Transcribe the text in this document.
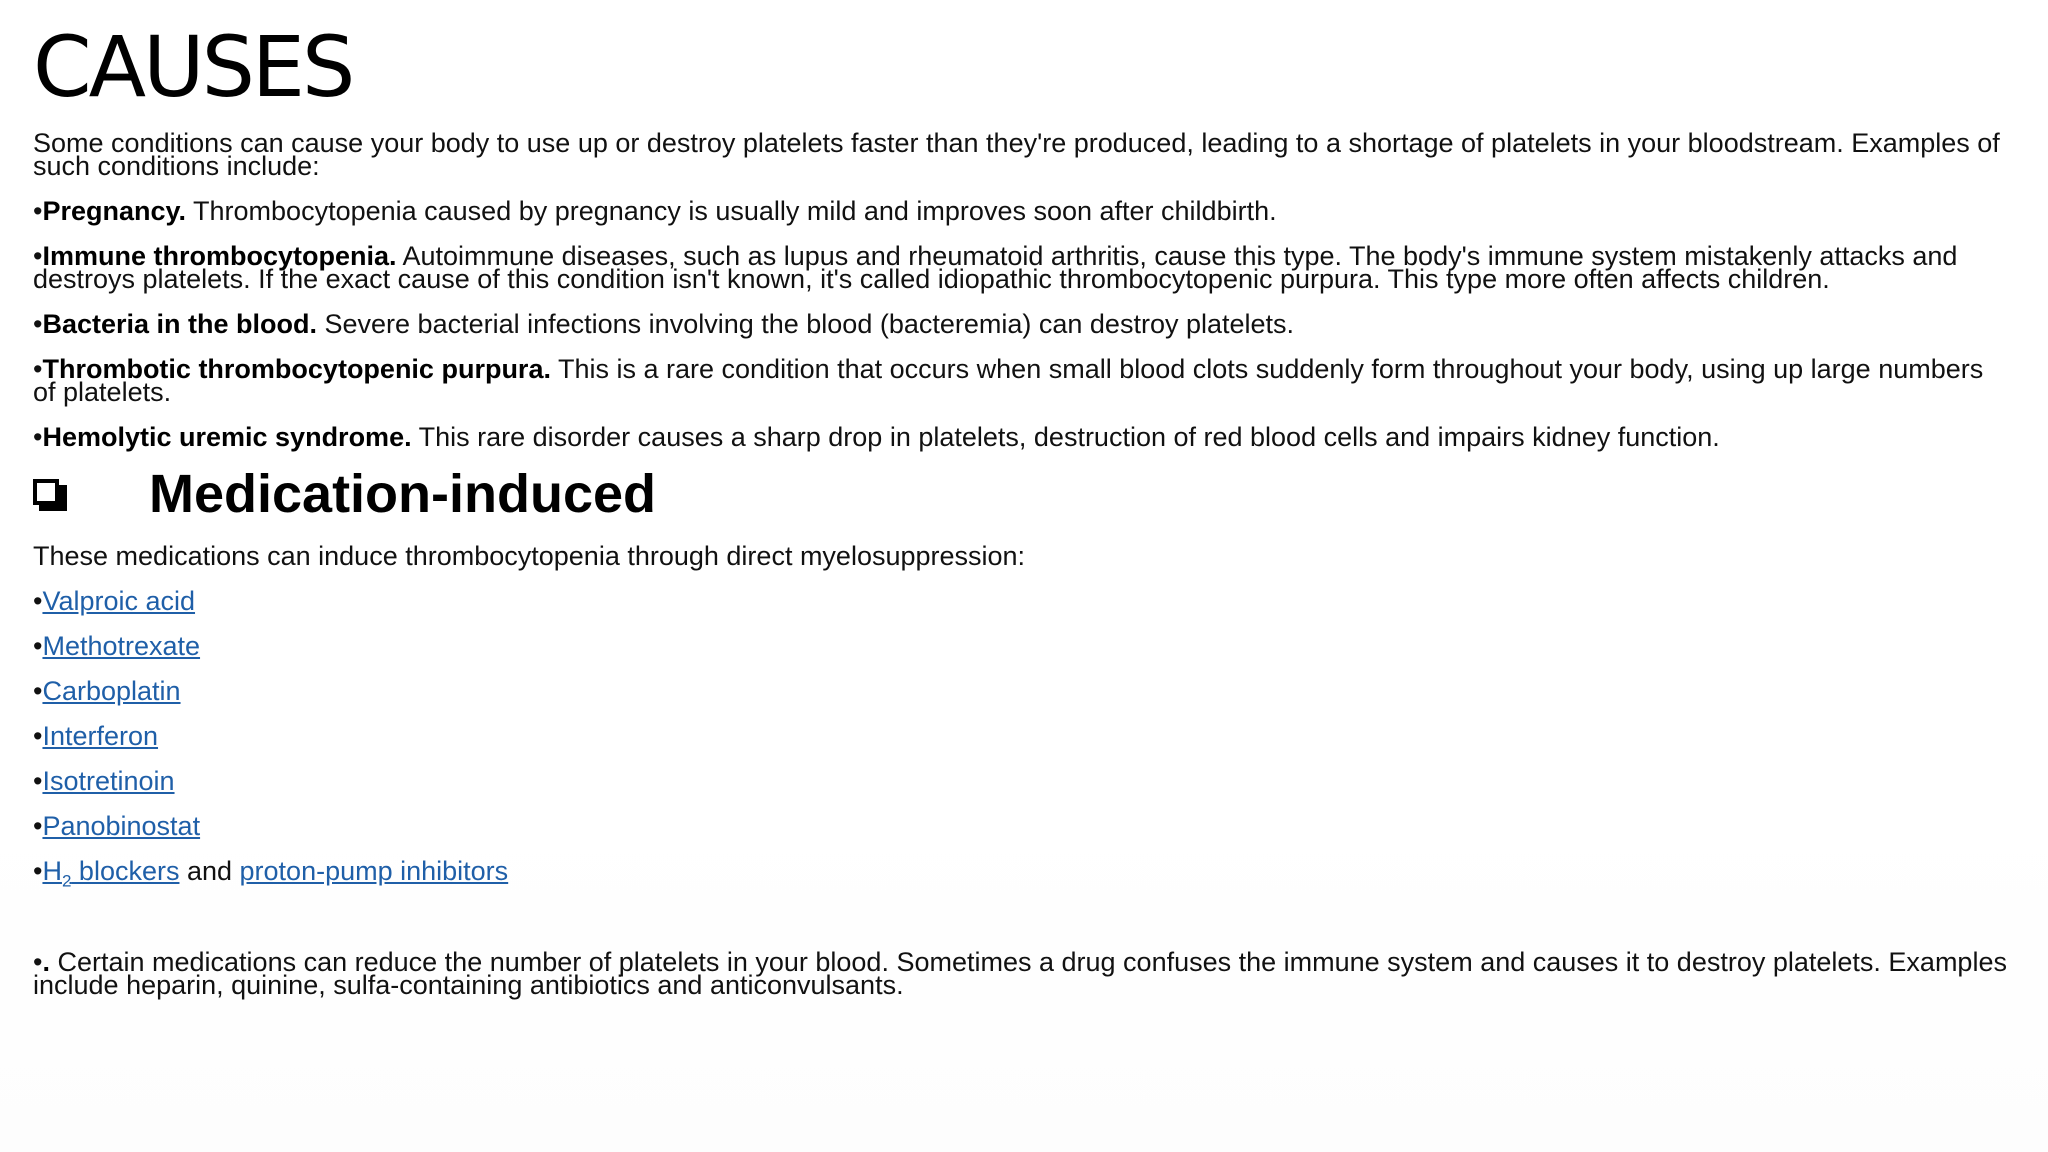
CAUSES

Some conditions can cause your body to use up or destroy platelets faster than they're produced, leading to a shortage of platelets in your bloodstream. Examples of such conditions include:

•Pregnancy. Thrombocytopenia caused by pregnancy is usually mild and improves soon after childbirth.

•Immune thrombocytopenia. Autoimmune diseases, such as lupus and rheumatoid arthritis, cause this type. The body's immune system mistakenly attacks and destroys platelets. If the exact cause of this condition isn't known, it's called idiopathic thrombocytopenic purpura. This type more often affects children.

•Bacteria in the blood. Severe bacterial infections involving the blood (bacteremia) can destroy platelets.

•Thrombotic thrombocytopenic purpura. This is a rare condition that occurs when small blood clots suddenly form throughout your body, using up large numbers of platelets.

•Hemolytic uremic syndrome. This rare disorder causes a sharp drop in platelets, destruction of red blood cells and impairs kidney function.

Medication-induced

These medications can induce thrombocytopenia through direct myelosuppression:

•Valproic acid

•Methotrexate

•Carboplatin

•Interferon

•Isotretinoin

•Panobinostat

$•H_2$ blockers and proton-pump inhibitors

•. Certain medications can reduce the number of platelets in your blood. Sometimes a drug confuses the immune system and causes it to destroy platelets. Examples include heparin, quinine, sulfa-containing antibiotics and anticonvulsants.
